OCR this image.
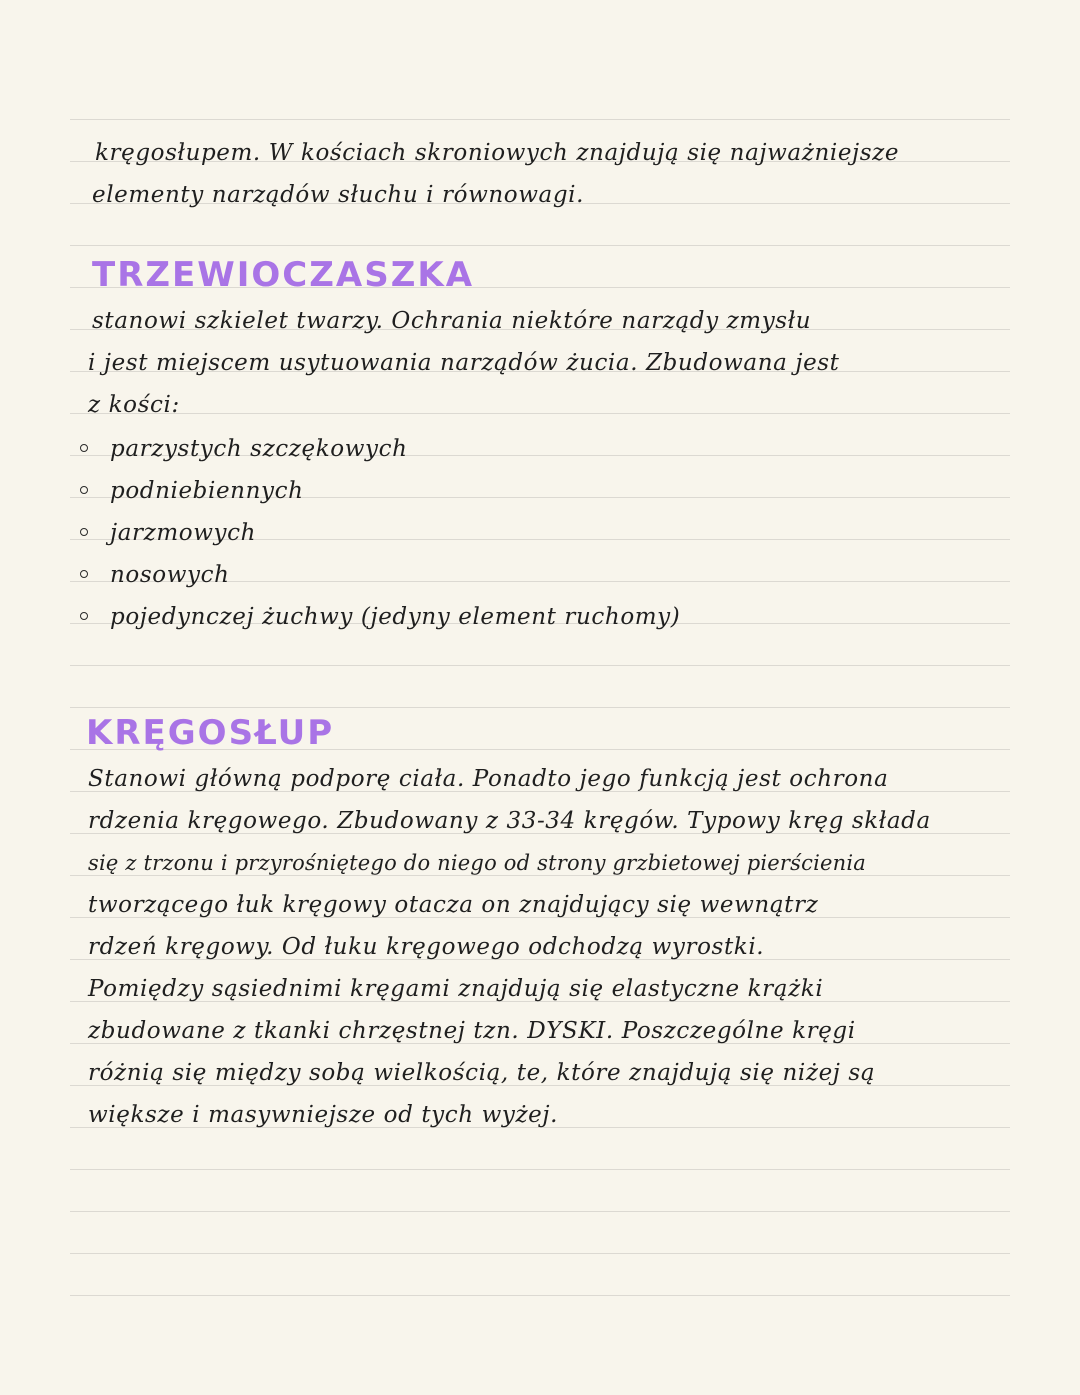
kręgosłupem. W kościach skroniowych znajdują się najważniejsze
elementy narządów słuchu i równowagi.
TRZEWIOCZASZKA
stanowi szkielet twarzy. Ochrania niektóre narządy zmysłu
i jest miejscem usytuowania narządów żucia. Zbudowana jest
z kości:
parzystych szczękowych
podniebiennych
jarzmowych
nosowych
pojedynczej żuchwy (jedyny element ruchomy)
KRĘGOSŁUP
Stanowi główną podporę ciała. Ponadto jego funkcją jest ochrona
rdzenia kręgowego. Zbudowany z 33-34 kręgów. Typowy kręg składa
się z trzonu i przyrośniętego do niego od strony grzbietowej pierścienia
tworzącego łuk kręgowy otacza on znajdujący się wewnątrz
rdzeń kręgowy. Od łuku kręgowego odchodzą wyrostki.
Pomiędzy sąsiednimi kręgami znajdują się elastyczne krążki
zbudowane z tkanki chrzęstnej tzn. DYSKI. Poszczególne kręgi
różnią się między sobą wielkością, te, które znajdują się niżej są
większe i masywniejsze od tych wyżej.
